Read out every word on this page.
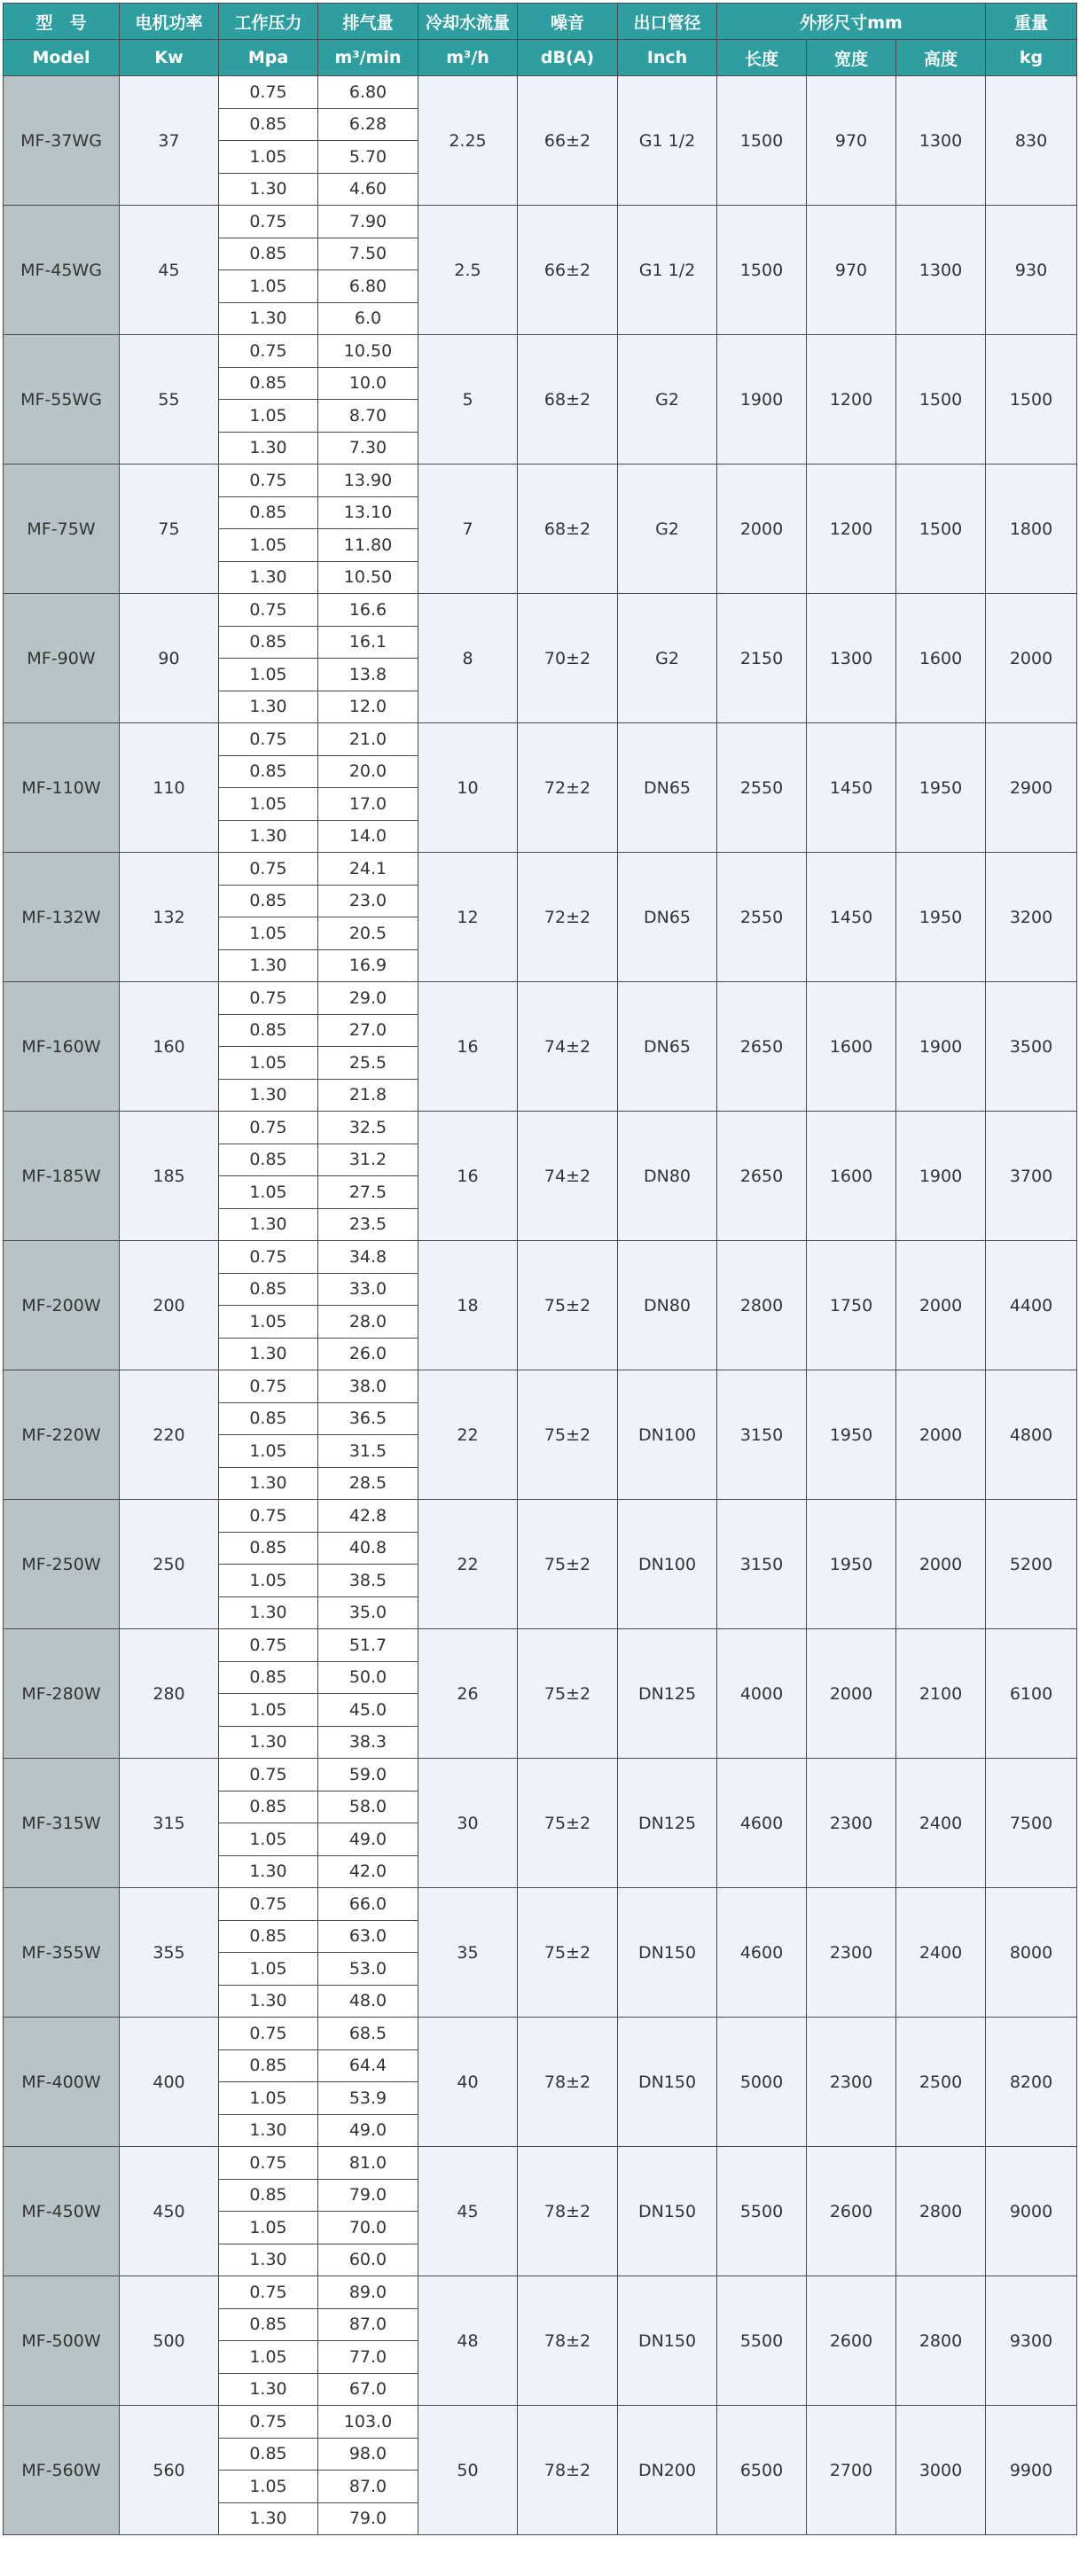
型　号	电机功率	工作压力	排气量	冷却水流量	噪音	出口管径	外形尺寸mm			重量
Model	Kw	Mpa	m³/min	m³/h	dB(A)	Inch	长度	宽度	高度	kg
MF-37WG	37	0.75	6.80	2.25	66±2	G1 1/2	1500	970	1300	830
		0.85	6.28							
		1.05	5.70							
		1.30	4.60							
MF-45WG	45	0.75	7.90	2.5	66±2	G1 1/2	1500	970	1300	930
		0.85	7.50							
		1.05	6.80							
		1.30	6.0							
MF-55WG	55	0.75	10.50	5	68±2	G2	1900	1200	1500	1500
		0.85	10.0							
		1.05	8.70							
		1.30	7.30							
MF-75W	75	0.75	13.90	7	68±2	G2	2000	1200	1500	1800
		0.85	13.10							
		1.05	11.80							
		1.30	10.50							
MF-90W	90	0.75	16.6	8	70±2	G2	2150	1300	1600	2000
		0.85	16.1							
		1.05	13.8							
		1.30	12.0							
MF-110W	110	0.75	21.0	10	72±2	DN65	2550	1450	1950	2900
		0.85	20.0							
		1.05	17.0							
		1.30	14.0							
MF-132W	132	0.75	24.1	12	72±2	DN65	2550	1450	1950	3200
		0.85	23.0							
		1.05	20.5							
		1.30	16.9							
MF-160W	160	0.75	29.0	16	74±2	DN65	2650	1600	1900	3500
		0.85	27.0							
		1.05	25.5							
		1.30	21.8							
MF-185W	185	0.75	32.5	16	74±2	DN80	2650	1600	1900	3700
		0.85	31.2							
		1.05	27.5							
		1.30	23.5							
MF-200W	200	0.75	34.8	18	75±2	DN80	2800	1750	2000	4400
		0.85	33.0							
		1.05	28.0							
		1.30	26.0							
MF-220W	220	0.75	38.0	22	75±2	DN100	3150	1950	2000	4800
		0.85	36.5							
		1.05	31.5							
		1.30	28.5							
MF-250W	250	0.75	42.8	22	75±2	DN100	3150	1950	2000	5200
		0.85	40.8							
		1.05	38.5							
		1.30	35.0							
MF-280W	280	0.75	51.7	26	75±2	DN125	4000	2000	2100	6100
		0.85	50.0							
		1.05	45.0							
		1.30	38.3							
MF-315W	315	0.75	59.0	30	75±2	DN125	4600	2300	2400	7500
		0.85	58.0							
		1.05	49.0							
		1.30	42.0							
MF-355W	355	0.75	66.0	35	75±2	DN150	4600	2300	2400	8000
		0.85	63.0							
		1.05	53.0							
		1.30	48.0							
MF-400W	400	0.75	68.5	40	78±2	DN150	5000	2300	2500	8200
		0.85	64.4							
		1.05	53.9							
		1.30	49.0							
MF-450W	450	0.75	81.0	45	78±2	DN150	5500	2600	2800	9000
		0.85	79.0							
		1.05	70.0							
		1.30	60.0							
MF-500W	500	0.75	89.0	48	78±2	DN150	5500	2600	2800	9300
		0.85	87.0							
		1.05	77.0							
		1.30	67.0							
MF-560W	560	0.75	103.0	50	78±2	DN200	6500	2700	3000	9900
		0.85	98.0							
		1.05	87.0							
		1.30	79.0							
